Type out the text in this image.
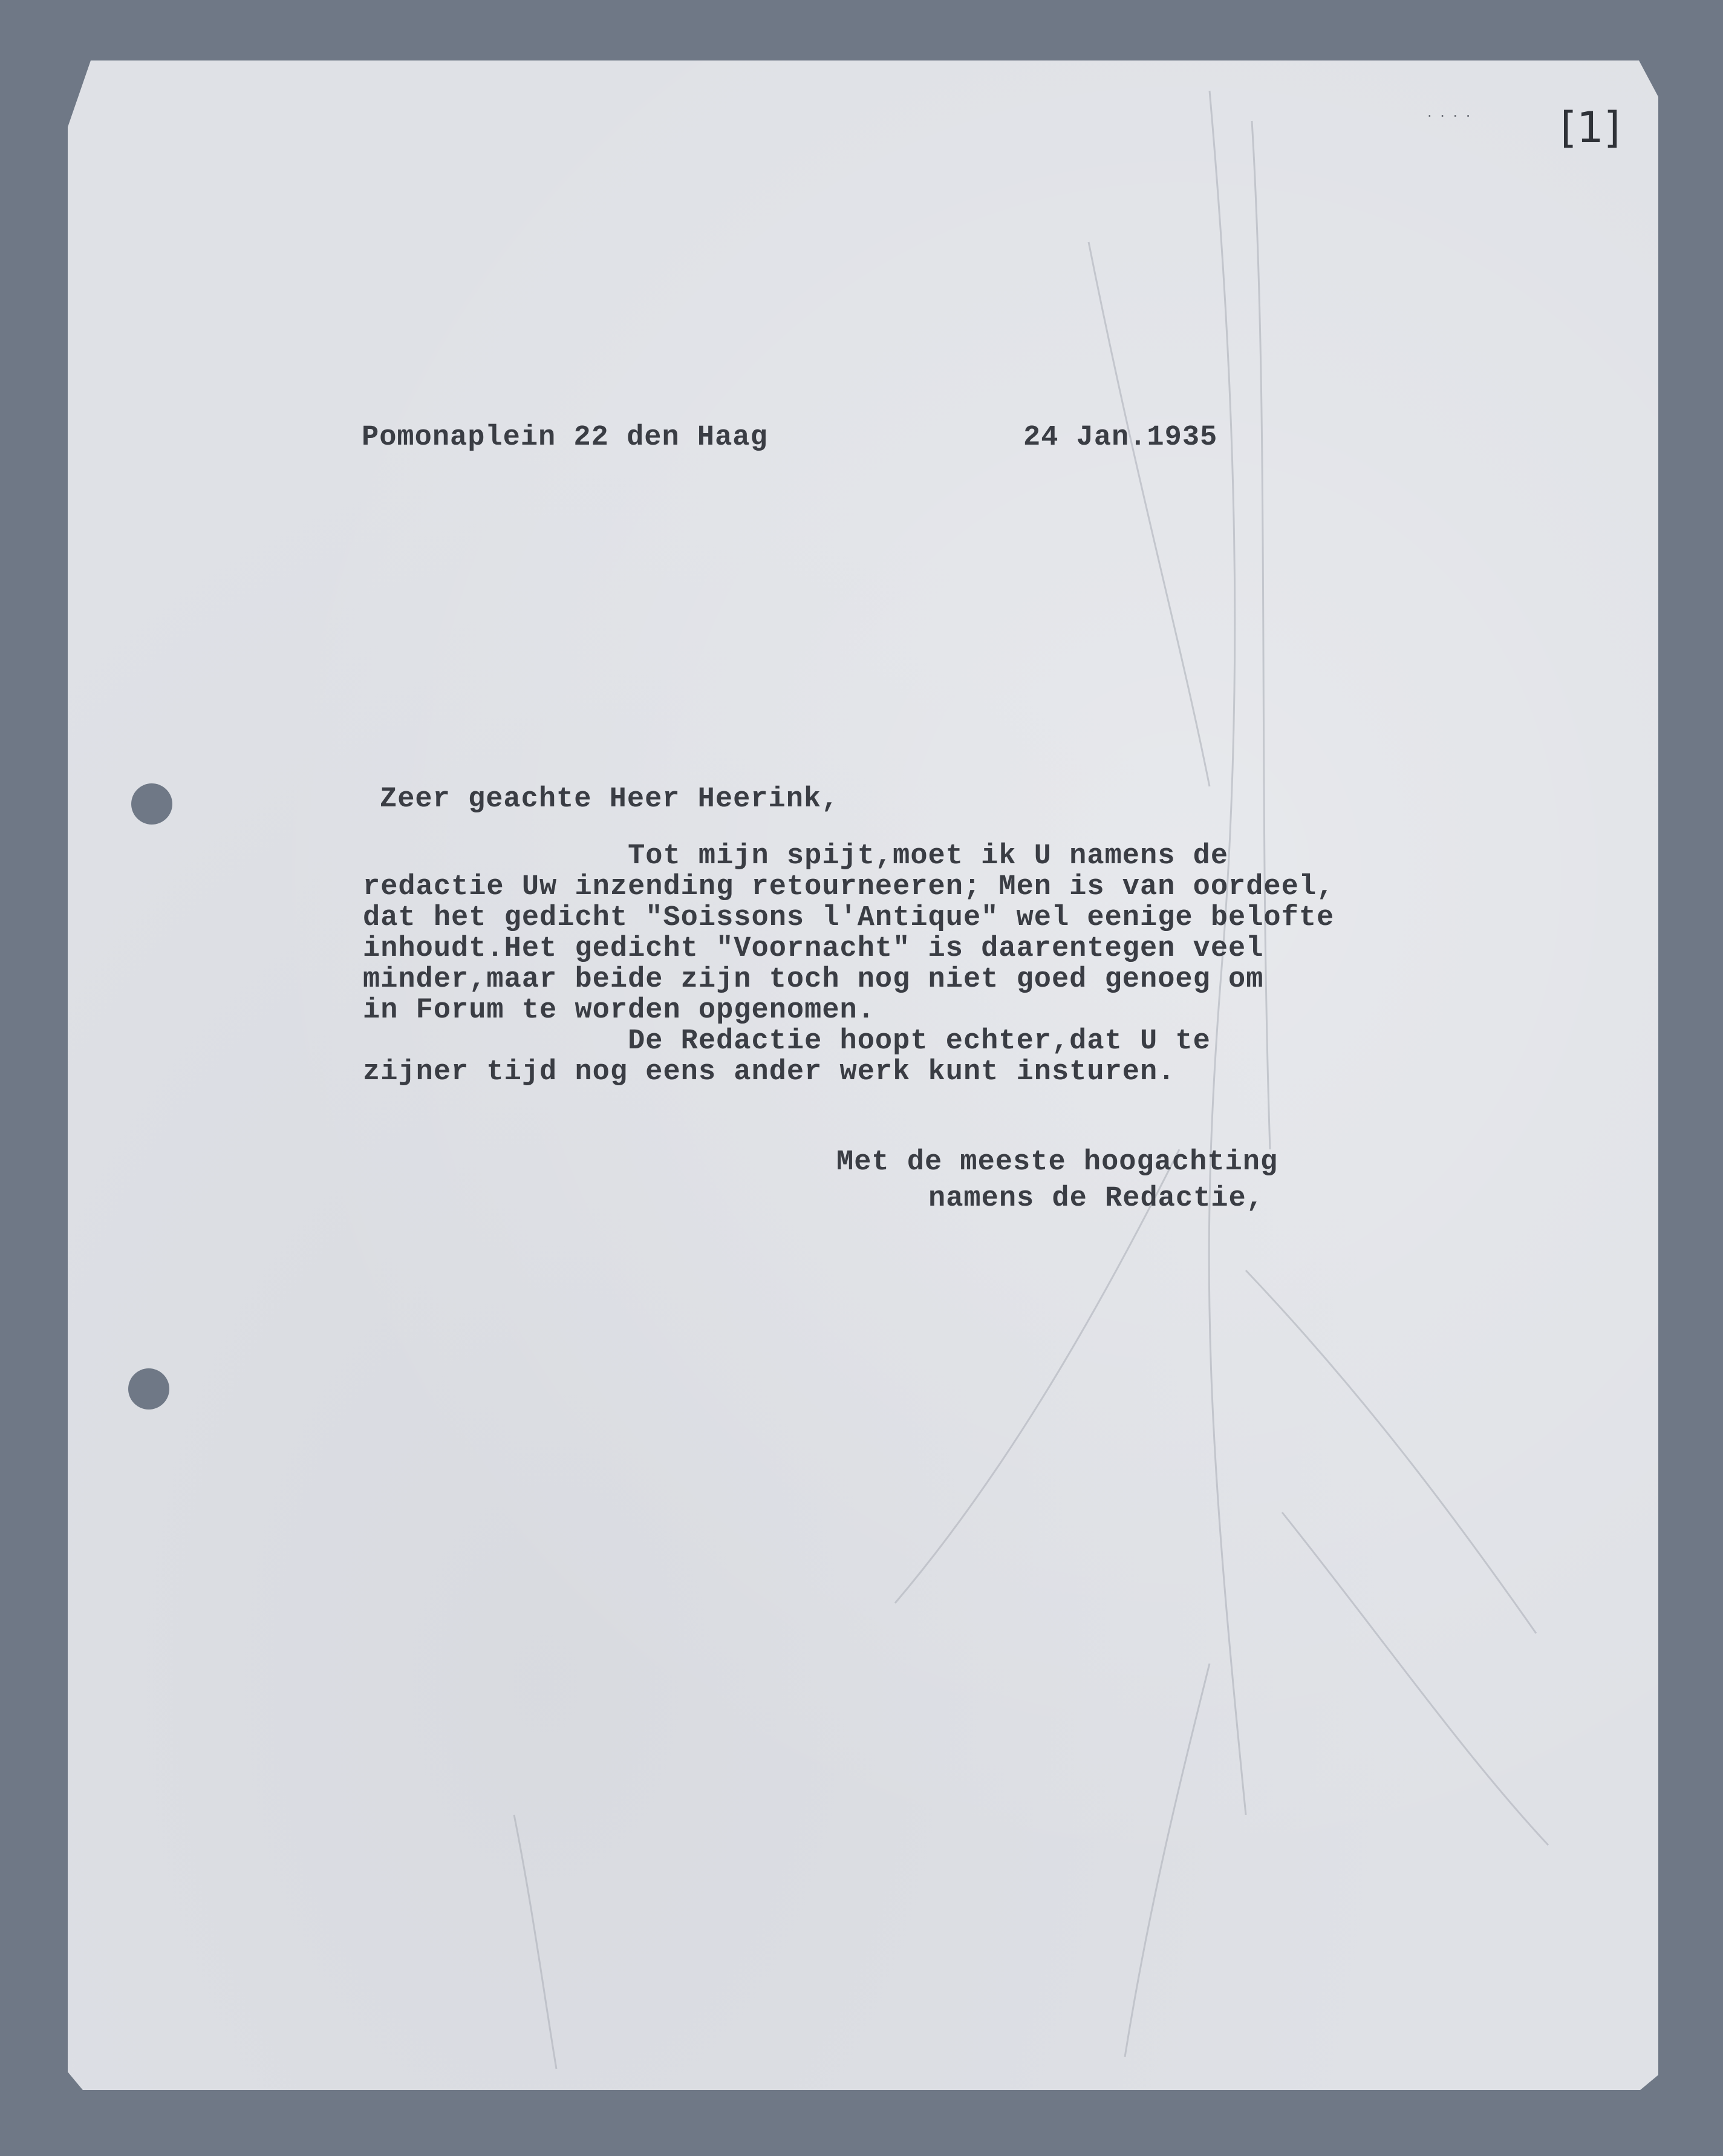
· · · · [1]
Pomonaplein 22 den Haag	24 Jan.1935
Zeer geachte Heer Heerink,
Tot mijn spijt,moet ik U namens de
redactie Uw inzending retourneeren; Men is van oordeel,
dat het gedicht "Soissons l'Antique" wel eenige belofte
inhoudt.Het gedicht "Voornacht" is daarentegen veel
minder,maar beide zijn toch nog niet goed genoeg om
in Forum te worden opgenomen.
De Redactie hoopt echter,dat U te
zijner tijd nog eens ander werk kunt insturen.
Met de meeste hoogachting
namens de Redactie,
